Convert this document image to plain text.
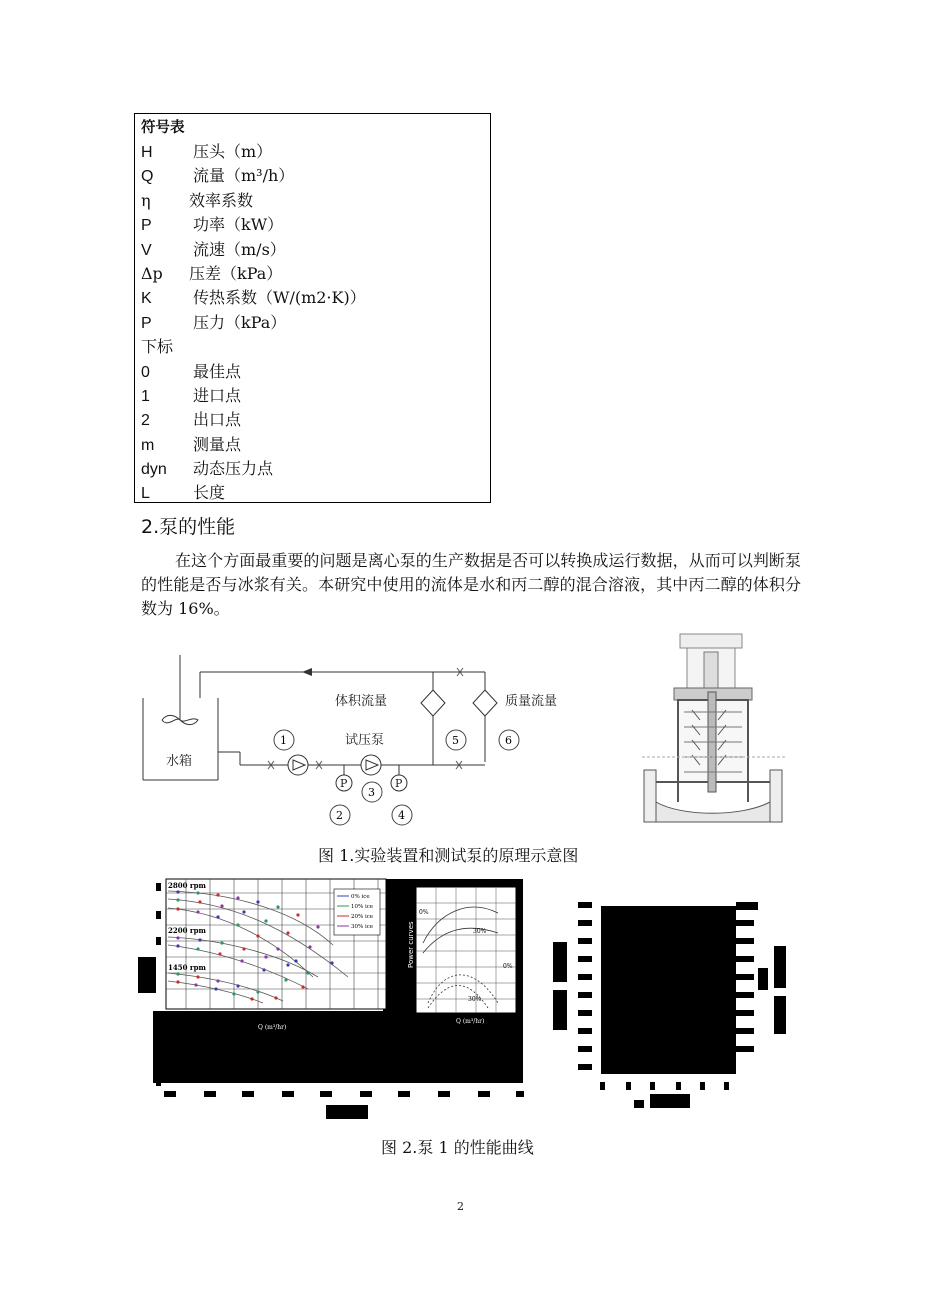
符号表
H	压头（m）
Q 流量（m³/h）
η 效率系数
P	功率（kW）
V	流速（m/s）
Δp 压差（kPa）
K	传热系数（W/(m2·K)）
P	压力（kPa）
下标
0	最佳点
1	进口点
2	出口点
m 测量点
dyn 动态压力点
L	长度
2.泵的性能
在这个方面最重要的问题是离心泵的生产数据是否可以转换成运行数据，从而可以判断泵的性能是否与冰浆有关。本研究中使用的流体是水和丙二醇的混合溶液，其中丙二醇的体积分数为 16%。
水箱
试压泵
P	P
体积流量	质量流量
1
2
3
4
5	6
图 1.实验装置和测试泵的原理示意图
2800 rpm
2200 rpm
1450 rpm
0% ice
10% ice
20% ice
30% ice
Q (m³/hr)
Power curves
0%
30%
0%
30%
Q (m³/hr)
图 2.泵 1 的性能曲线
2
